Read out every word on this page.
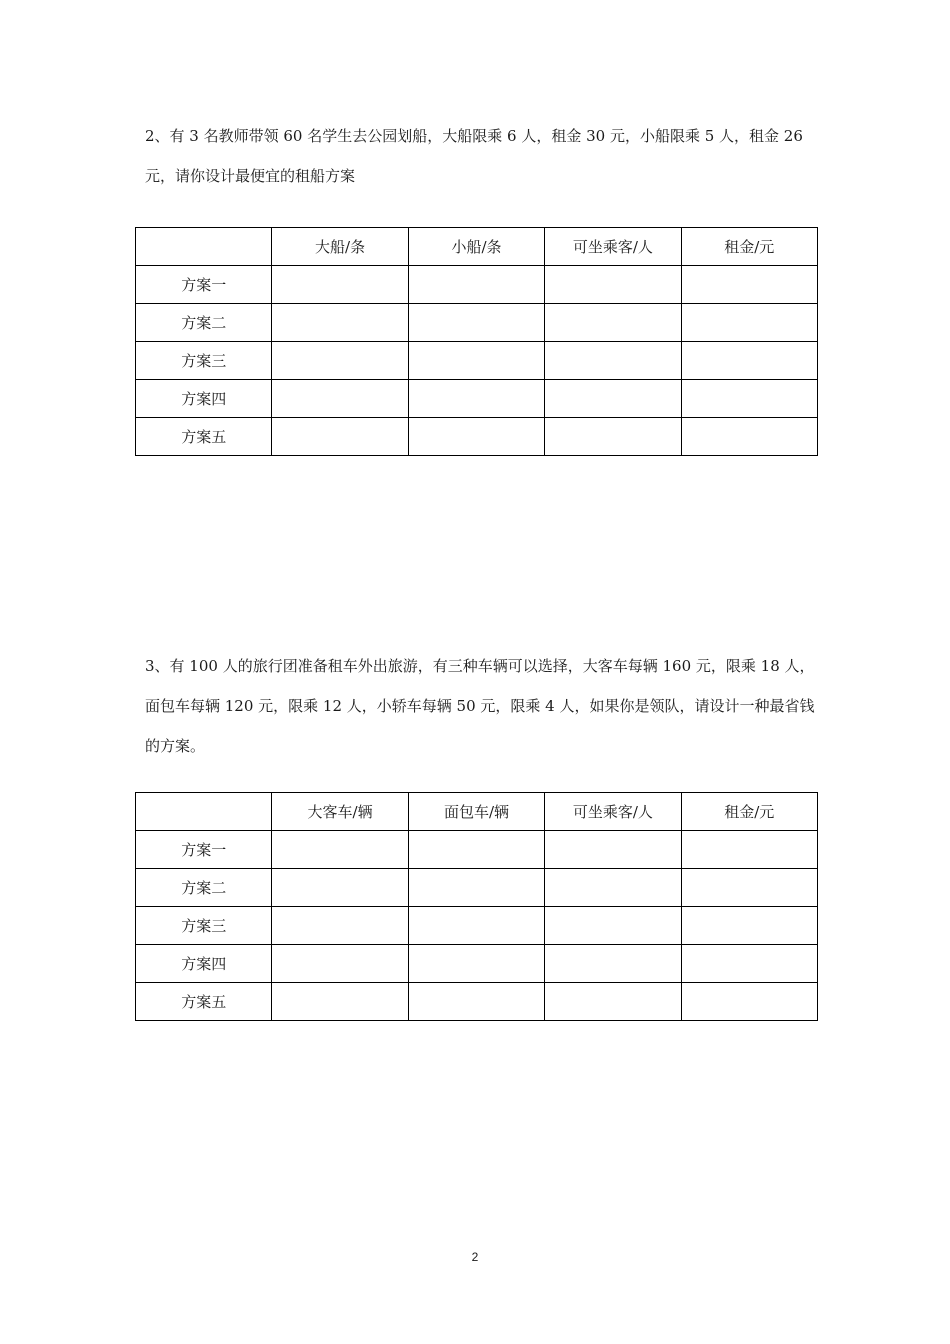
2、有 3 名教师带领 60 名学生去公园划船，大船限乘 6 人，租金 30 元，小船限乘 5 人，租金 26 元，请你设计最便宜的租船方案

	大船/条	小船/条	可坐乘客/人	租金/元
方案一				
方案二				
方案三				
方案四				
方案五				

3、有 100 人的旅行团准备租车外出旅游，有三种车辆可以选择，大客车每辆 160 元，限乘 18 人，面包车每辆 120 元，限乘 12 人，小轿车每辆 50 元，限乘 4 人，如果你是领队，请设计一种最省钱的方案。

	大客车/辆	面包车/辆	可坐乘客/人	租金/元
方案一				
方案二				
方案三				
方案四				
方案五				
2
